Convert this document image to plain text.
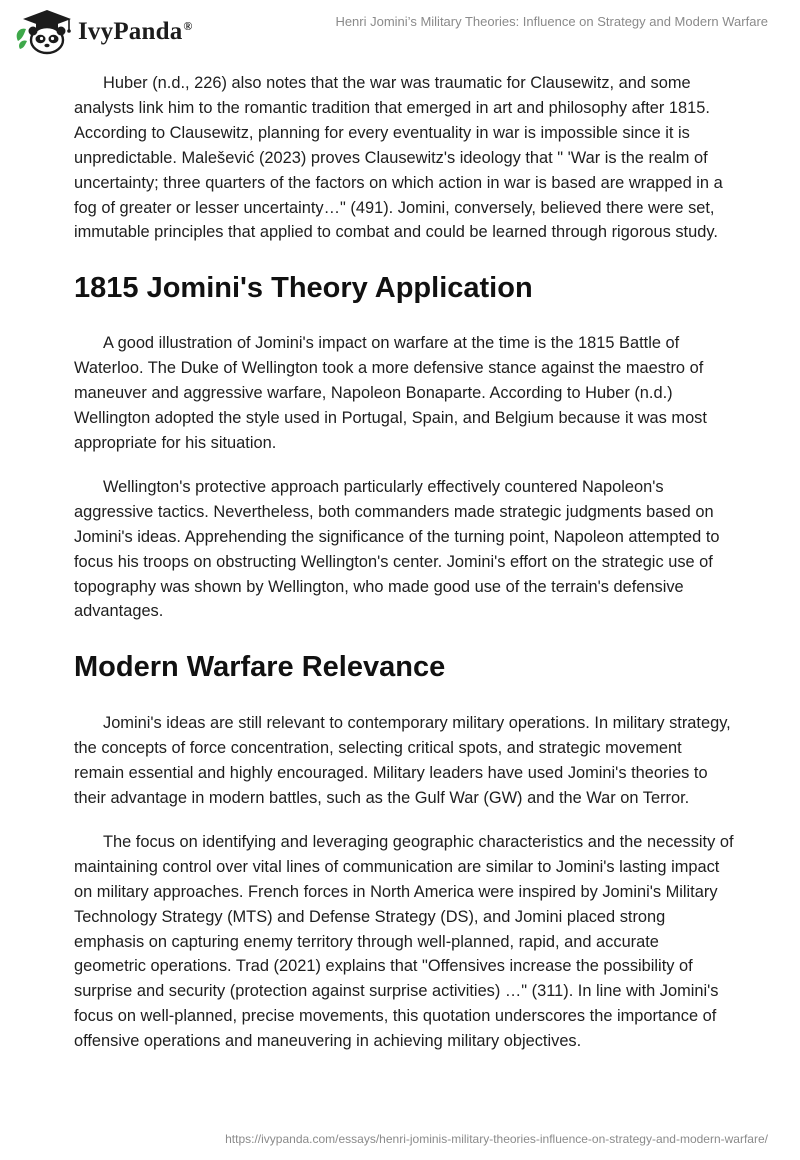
IvyPanda®	Henri Jomini’s Military Theories: Influence on Strategy and Modern Warfare

Huber (n.d., 226) also notes that the war was traumatic for Clausewitz, and some analysts link him to the romantic tradition that emerged in art and philosophy after 1815. According to Clausewitz, planning for every eventuality in war is impossible since it is unpredictable. Malešević (2023) proves Clausewitz's ideology that " 'War is the realm of uncertainty; three quarters of the factors on which action in war is based are wrapped in a fog of greater or lesser uncertainty…" (491). Jomini, conversely, believed there were set, immutable principles that applied to combat and could be learned through rigorous study.

1815 Jomini's Theory Application

A good illustration of Jomini's impact on warfare at the time is the 1815 Battle of Waterloo. The Duke of Wellington took a more defensive stance against the maestro of maneuver and aggressive warfare, Napoleon Bonaparte. According to Huber (n.d.) Wellington adopted the style used in Portugal, Spain, and Belgium because it was most appropriate for his situation.

Wellington's protective approach particularly effectively countered Napoleon's aggressive tactics. Nevertheless, both commanders made strategic judgments based on Jomini's ideas. Apprehending the significance of the turning point, Napoleon attempted to focus his troops on obstructing Wellington's center. Jomini's effort on the strategic use of topography was shown by Wellington, who made good use of the terrain's defensive advantages.

Modern Warfare Relevance

Jomini's ideas are still relevant to contemporary military operations. In military strategy, the concepts of force concentration, selecting critical spots, and strategic movement remain essential and highly encouraged. Military leaders have used Jomini's theories to their advantage in modern battles, such as the Gulf War (GW) and the War on Terror.

The focus on identifying and leveraging geographic characteristics and the necessity of maintaining control over vital lines of communication are similar to Jomini's lasting impact on military approaches. French forces in North America were inspired by Jomini's Military Technology Strategy (MTS) and Defense Strategy (DS), and Jomini placed strong emphasis on capturing enemy territory through well-planned, rapid, and accurate geometric operations. Trad (2021) explains that "Offensives increase the possibility of surprise and security (protection against surprise activities) …" (311). In line with Jomini's focus on well-planned, precise movements, this quotation underscores the importance of offensive operations and maneuvering in achieving military objectives.

https://ivypanda.com/essays/henri-jominis-military-theories-influence-on-strategy-and-modern-warfare/
